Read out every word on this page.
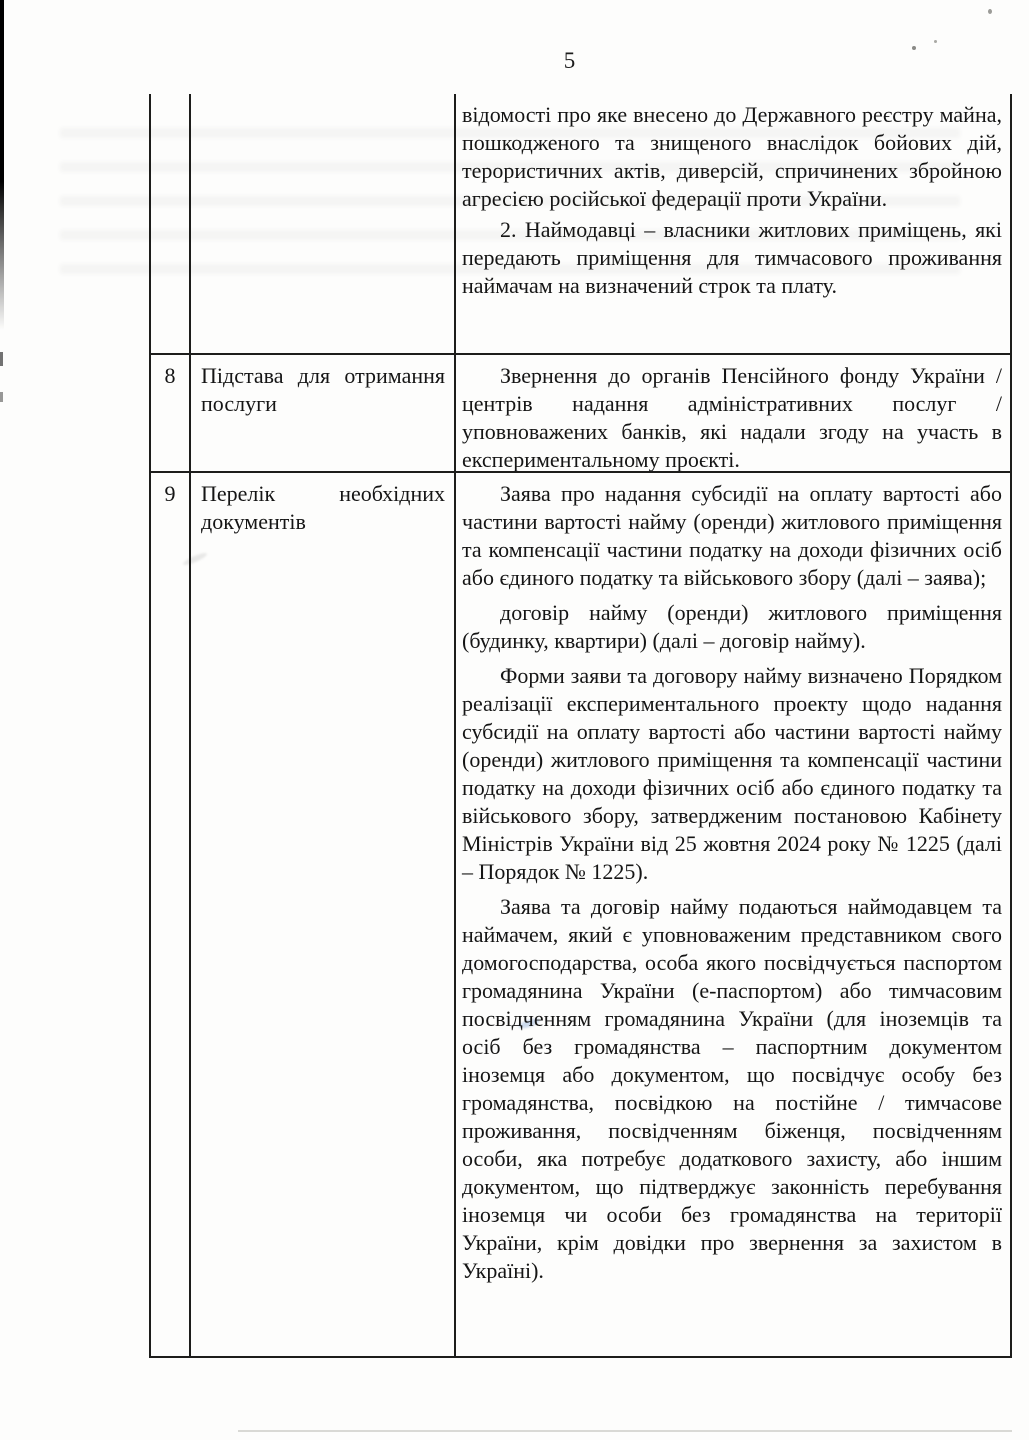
5

відомості про яке внесено до Державного реєстру майна, пошкодженого та знищеного внаслідок бойових дій, терористичних актів, диверсій, спричинених збройною агресією російської федерації проти України.

2. Наймодавці – власники житлових приміщень, які передають приміщення для тимчасового проживання наймачам на визначений строк та плату.

8	Підстава для отримання послуги

Звернення до органів Пенсійного фонду України / центрів надання адміністративних послуг / уповноважених банків, які надали згоду на участь в експериментальному проєкті.

9	Перелік необхідних документів

Заява про надання субсидії на оплату вартості або частини вартості найму (оренди) житлового приміщення та компенсації частини податку на доходи фізичних осіб або єдиного податку та військового збору (далі – заява);

договір найму (оренди) житлового приміщення (будинку, квартири) (далі – договір найму).

Форми заяви та договору найму визначено Порядком реалізації експериментального проекту щодо надання субсидії на оплату вартості або частини вартості найму (оренди) житлового приміщення та компенсації частини податку на доходи фізичних осіб або єдиного податку та військового збору, затвердженим постановою Кабінету Міністрів України від 25 жовтня 2024 року № 1225 (далі – Порядок № 1225).

Заява та договір найму подаються наймодавцем та наймачем, який є уповноваженим представником свого домогосподарства, особа якого посвідчується паспортом громадянина України (е-паспортом) або тимчасовим посвідченням громадянина України (для іноземців та осіб без громадянства – паспортним документом іноземця або документом, що посвідчує особу без громадянства, посвідкою на постійне / тимчасове проживання, посвідченням біженця, посвідченням особи, яка потребує додаткового захисту, або іншим документом, що підтверджує законність перебування іноземця чи особи без громадянства на території України, крім довідки про звернення за захистом в Україні).
